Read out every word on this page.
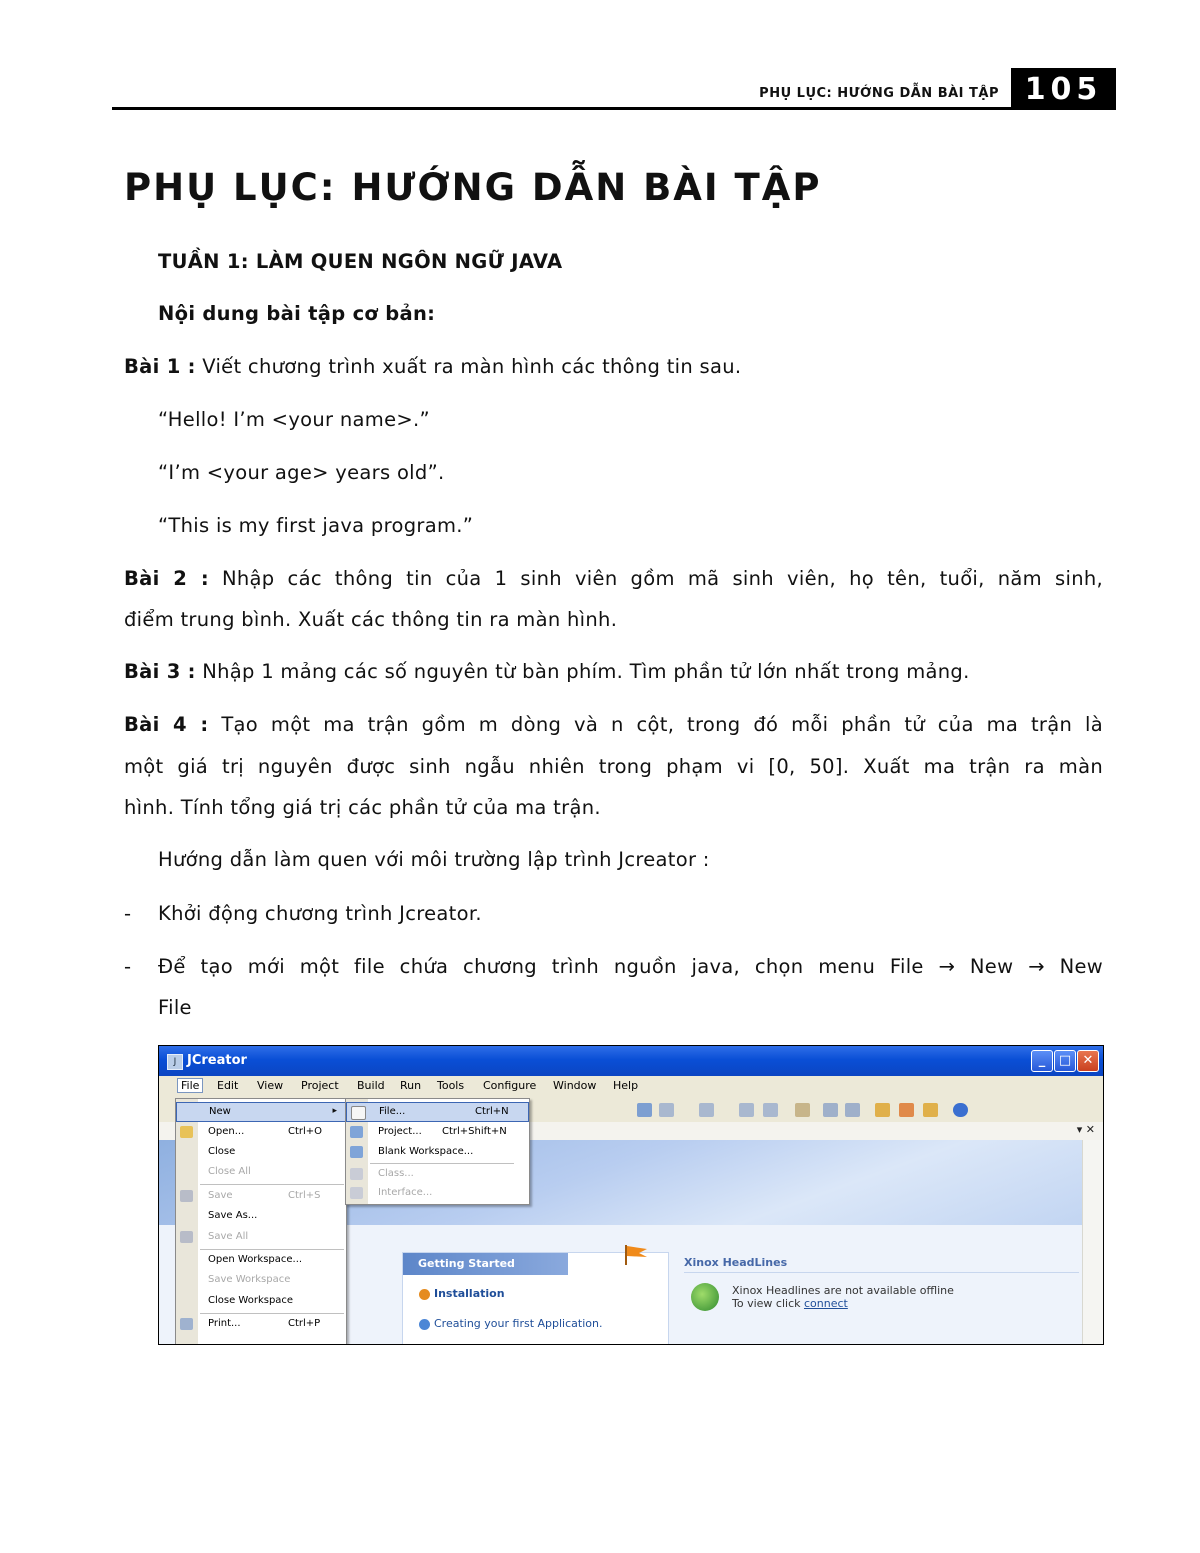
PHỤ LỤC: HƯỚNG DẪN BÀI TẬP 105
PHỤ LỤC: HƯỚNG DẪN BÀI TẬP
TUẦN 1: LÀM QUEN NGÔN NGỮ JAVA
Nội dung bài tập cơ bản:
Bài 1 : Viết chương trình xuất ra màn hình các thông tin sau.
“Hello! I’m <your name>.”
“I’m <your age> years old”.
“This is my first java program.”
Bài 2 : Nhập các thông tin của 1 sinh viên gồm mã sinh viên, họ tên, tuổi, năm sinh,
điểm trung bình. Xuất các thông tin ra màn hình.
Bài 3 : Nhập 1 mảng các số nguyên từ bàn phím. Tìm phần tử lớn nhất trong mảng.
Bài 4 : Tạo một ma trận gồm m dòng và n cột, trong đó mỗi phần tử của ma trận là
một giá trị nguyên được sinh ngẫu nhiên trong phạm vi [0, 50]. Xuất ma trận ra màn
hình. Tính tổng giá trị các phần tử của ma trận.
Hướng dẫn làm quen với môi trường lập trình Jcreator :
- Khởi động chương trình Jcreator.
- Để tạo mới một file chứa chương trình nguồn java, chọn menu File → New → New
File
J JCreator	_	□ ✕
File	Edit View Project Build Run Tools Configure Window Help
▾ ✕
Getting Started
Installation
Creating your first Application.
Xinox HeadLines
Xinox Headlines are not available offline
To view click connect
New	▸
Open...	Ctrl+O
Close
Close All
Save	Ctrl+S
Save As...
Save All
Open Workspace...
Save Workspace
Close Workspace
Print...	Ctrl+P
File...	Ctrl+N
Project... Ctrl+Shift+N
Blank Workspace...
Class...
Interface...
